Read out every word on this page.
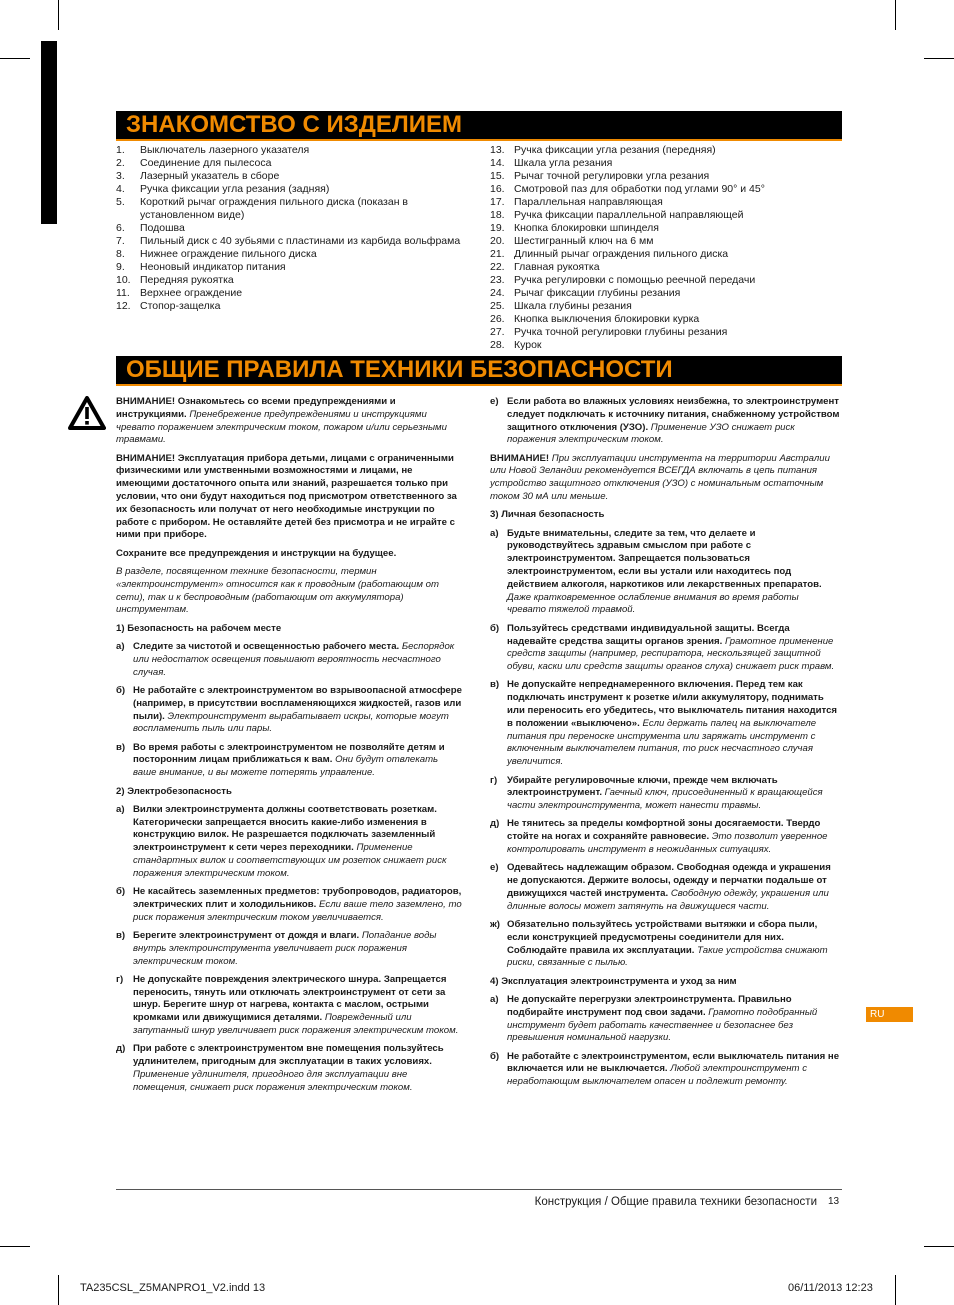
ЗНАКОМСТВО С ИЗДЕЛИЕМ
1.	Выключатель лазерного указателя
2.	Соединение для пылесоса
3.	Лазерный указатель в сборе
4.	Ручка фиксации угла резания (задняя)
5.	Короткий рычаг ограждения пильного диска (показан в установленном виде)
6.	Подошва
7.	Пильный диск с 40 зубьями с пластинами из карбида вольфрама
8.	Нижнее ограждение пильного диска
9.	Неоновый индикатор питания
10. Передняя рукоятка
11. Верхнее ограждение
12. Стопор-защелка
13. Ручка фиксации угла резания (передняя)
14. Шкала угла резания
15. Рычаг точной регулировки угла резания
16. Смотровой паз для обработки под углами 90° и 45°
17. Параллельная направляющая
18. Ручка фиксации параллельной направляющей
19. Кнопка блокировки шпинделя
20. Шестигранный ключ на 6 мм
21. Длинный рычаг ограждения пильного диска
22. Главная рукоятка
23. Ручка регулировки с помощью реечной передачи
24. Рычаг фиксации глубины резания
25. Шкала глубины резания
26. Кнопка выключения блокировки курка
27. Ручка точной регулировки глубины резания
28. Курок
ОБЩИЕ ПРАВИЛА ТЕХНИКИ БЕЗОПАСНОСТИ

ВНИМАНИЕ! Ознакомьтесь со всеми предупреждениями и инструкциями. Пренебрежение предупреждениями и инструкциями чревато поражением электрическим током, пожаром и/или серьезными травмами.

ВНИМАНИЕ! Эксплуатация прибора детьми, лицами с ограниченными физическими или умственными возможностями и лицами, не имеющими достаточного опыта или знаний, разрешается только при условии, что они будут находиться под присмотром ответственного за их безопасность или получат от него необходимые инструкции по работе с прибором. Не оставляйте детей без присмотра и не играйте с ними при приборе.

Сохраните все предупреждения и инструкции на будущее.

В разделе, посвященном технике безопасности, термин «электроинструмент» относится как к проводным (работающим от сети), так и к беспроводным (работающим от аккумулятора) инструментам.

1) Безопасность на рабочем месте

а) Следите за чистотой и освещенностью рабочего места. Беспорядок или недостаток освещения повышают вероятность несчастного случая.
б) Не работайте с электроинструментом во взрывоопасной атмосфере (например, в присутствии воспламеняющихся жидкостей, газов или пыли). Электроинструмент вырабатывает искры, которые могут воспламенить пыль или пары.
в) Во время работы с электроинструментом не позволяйте детям и посторонним лицам приближаться к вам. Они будут отвлекать ваше внимание, и вы можете потерять управление.

2) Электробезопасность

а) Вилки электроинструмента должны соответствовать розеткам. Категорически запрещается вносить какие-либо изменения в конструкцию вилок. Не разрешается подключать заземленный электроинструмент к сети через переходники. Применение стандартных вилок и соответствующих им розеток снижает риск поражения электрическим током.
б) Не касайтесь заземленных предметов: трубопроводов, радиаторов, электрических плит и холодильников. Если ваше тело заземлено, то риск поражения электрическим током увеличивается.
в) Берегите электроинструмент от дождя и влаги. Попадание воды внутрь электроинструмента увеличивает риск поражения электрическим током.
г)	Не допускайте повреждения электрического шнура. Запрещается переносить, тянуть или отключать электроинструмент от сети за шнур. Берегите шнур от нагрева, контакта с маслом, острыми кромками или движущимися деталями. Поврежденный или запутанный шнур увеличивает риск поражения электрическим током.
д) При работе с электроинструментом вне помещения пользуйтесь удлинителем, пригодным для эксплуатации в таких условиях. Применение удлинителя, пригодного для эксплуатации вне помещения, снижает риск поражения электрическим током.
е) Если работа во влажных условиях неизбежна, то электроинструмент следует подключать к источнику питания, снабженному устройством защитного отключения (УЗО). Применение УЗО снижает риск поражения электрическим током.

ВНИМАНИЕ! При эксплуатации инструмента на территории Австралии или Новой Зеландии рекомендуется ВСЕГДА включать в цепь питания устройство защитного отключения (УЗО) с номинальным остаточным током 30 мА или меньше.

3) Личная безопасность

а) Будьте внимательны, следите за тем, что делаете и руководствуйтесь здравым смыслом при работе с электроинструментом. Запрещается пользоваться электроинструментом, если вы устали или находитесь под действием алкоголя, наркотиков или лекарственных препаратов. Даже кратковременное ослабление внимания во время работы чревато тяжелой травмой.
б) Пользуйтесь средствами индивидуальной защиты. Всегда надевайте средства защиты органов зрения. Грамотное применение средств защиты (например, респиратора, нескользящей защитной обуви, каски или средств защиты органов слуха) снижает риск травм.
в) Не допускайте непреднамеренного включения. Перед тем как подключать инструмент к розетке и/или аккумулятору, поднимать или переносить его убедитесь, что выключатель питания находится в положении «выключено». Если держать палец на выключателе питания при переноске инструмента или заряжать инструмент с включенным выключателем питания, то риск несчастного случая увеличится.
г)	Убирайте регулировочные ключи, прежде чем включать электроинструмент. Гаечный ключ, присоединенный к вращающейся части электроинструмента, может нанести травмы.
д) Не тянитесь за пределы комфортной зоны досягаемости. Твердо стойте на ногах и сохраняйте равновесие. Это позволит уверенное контролировать инструмент в неожиданных ситуациях.
е) Одевайтесь надлежащим образом. Свободная одежда и украшения не допускаются. Держите волосы, одежду и перчатки подальше от движущихся частей инструмента. Свободную одежду, украшения или длинные волосы может затянуть на движущиеся части.
ж) Обязательно пользуйтесь устройствами вытяжки и сбора пыли, если конструкцией предусмотрены соединители для них. Соблюдайте правила их эксплуатации. Такие устройства снижают риски, связанные с пылью.

4) Эксплуатация электроинструмента и уход за ним

а) Не допускайте перегрузки электроинструмента. Правильно подбирайте инструмент под свои задачи. Грамотно подобранный инструмент будет работать качественнее и безопаснее без превышения номинальной нагрузки.
б) Не работайте с электроинструментом, если выключатель питания не включается или не выключается. Любой электроинструмент с неработающим выключателем опасен и подлежит ремонту.
RU
Конструкция / Общие правила техники безопасности 13
TA235CSL_Z5MANPRO1_V2.indd 13	06/11/2013 12:23
